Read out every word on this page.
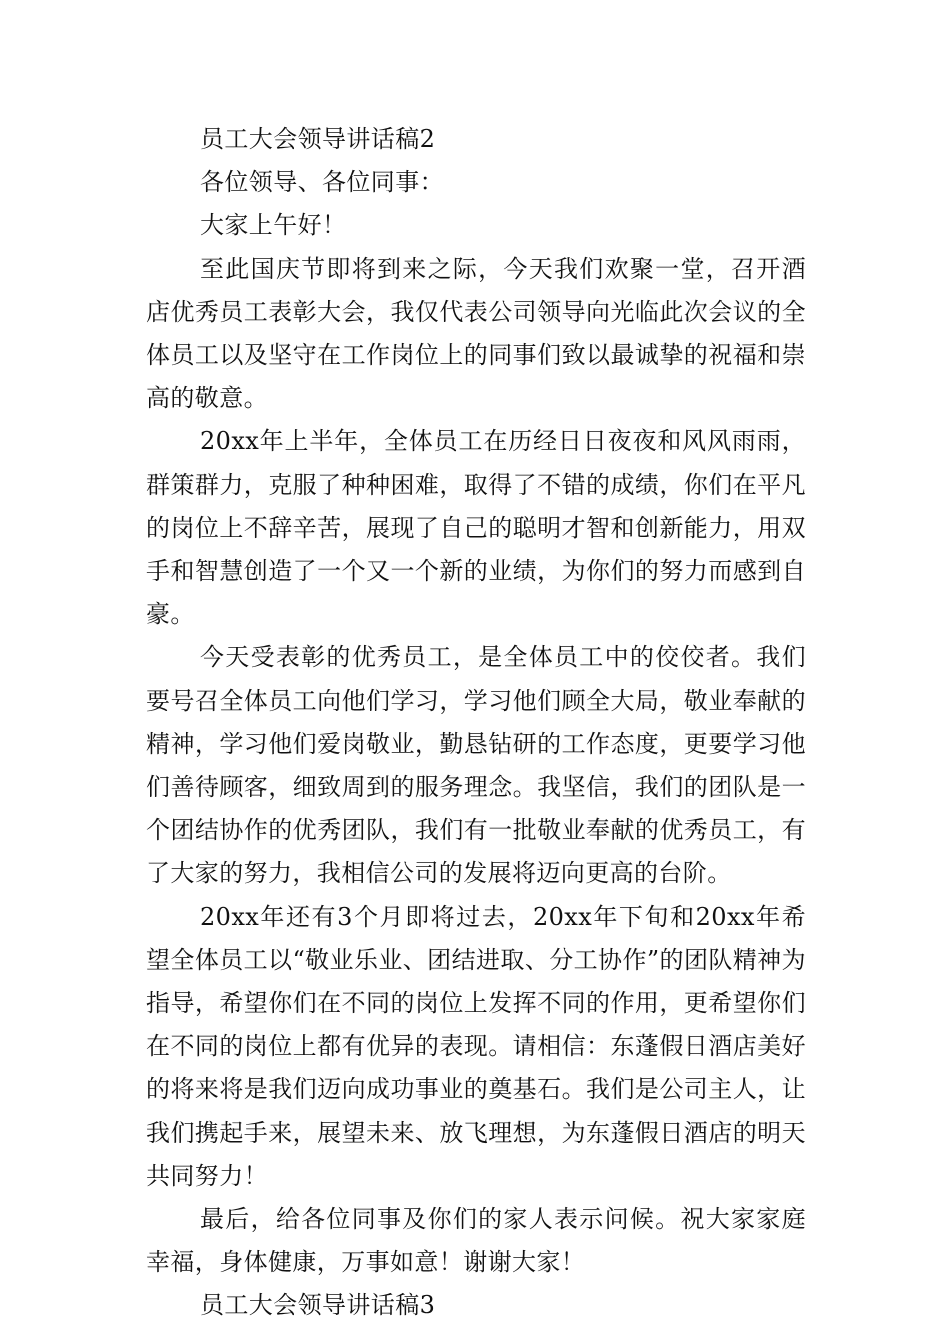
员工大会领导讲话稿2

各位领导、各位同事：

大家上午好！

至此国庆节即将到来之际，今天我们欢聚一堂，召开酒店优秀员工表彰大会，我仅代表公司领导向光临此次会议的全体员工以及坚守在工作岗位上的同事们致以最诚挚的祝福和崇高的敬意。

20xx年上半年，全体员工在历经日日夜夜和风风雨雨，群策群力，克服了种种困难，取得了不错的成绩，你们在平凡的岗位上不辞辛苦，展现了自己的聪明才智和创新能力，用双手和智慧创造了一个又一个新的业绩，为你们的努力而感到自豪。

今天受表彰的优秀员工，是全体员工中的佼佼者。我们要号召全体员工向他们学习，学习他们顾全大局，敬业奉献的精神，学习他们爱岗敬业，勤恳钻研的工作态度，更要学习他们善待顾客，细致周到的服务理念。我坚信，我们的团队是一个团结协作的优秀团队，我们有一批敬业奉献的优秀员工，有了大家的努力，我相信公司的发展将迈向更高的台阶。

20xx年还有3个月即将过去，20xx年下旬和20xx年希望全体员工以“敬业乐业、团结进取、分工协作”的团队精神为指导，希望你们在不同的岗位上发挥不同的作用，更希望你们在不同的岗位上都有优异的表现。请相信：东蓬假日酒店美好的将来将是我们迈向成功事业的奠基石。我们是公司主人，让我们携起手来，展望未来、放飞理想，为东蓬假日酒店的明天共同努力！

最后，给各位同事及你们的家人表示问候。祝大家家庭幸福，身体健康，万事如意！谢谢大家！

员工大会领导讲话稿3
